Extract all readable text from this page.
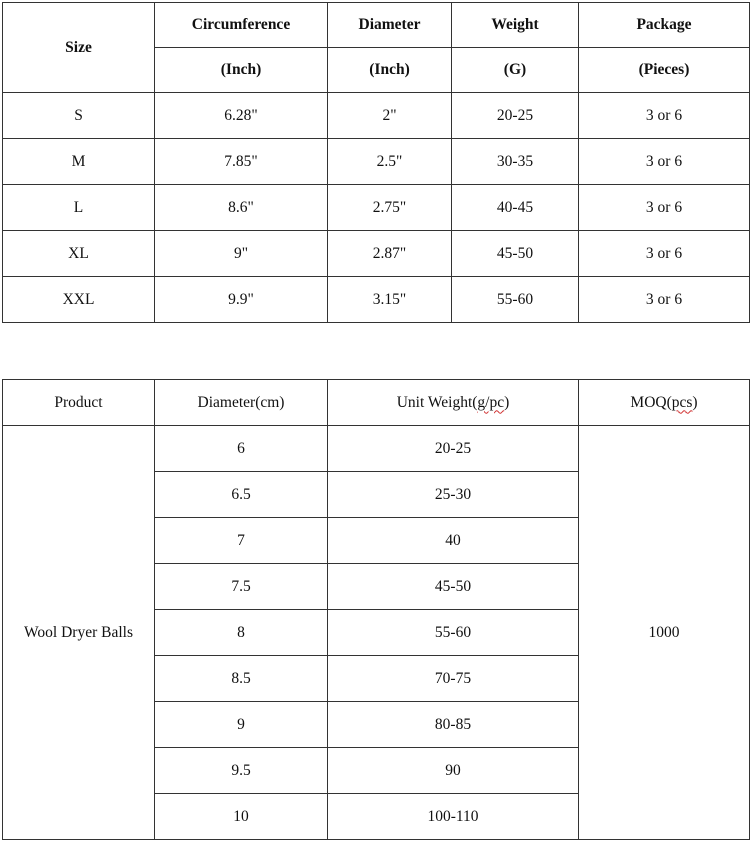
Size	Circumference	Diameter	Weight	Package
	(Inch)	(Inch)	(G)	(Pieces)
S	6.28"	2"	20-25	3 or 6
M	7.85"	2.5"	30-35	3 or 6
L	8.6"	2.75"	40-45	3 or 6
XL	9"	2.87"	45-50	3 or 6
XXL	9.9"	3.15"	55-60	3 or 6
Product	Diameter(cm)	Unit Weight(g/pc)	MOQ(pcs)
Wool Dryer Balls	6	20-25	1000
	6.5	25-30	
	7	40	
	7.5	45-50	
	8	55-60	
	8.5	70-75	
	9	80-85	
	9.5	90	
	10	100-110	
